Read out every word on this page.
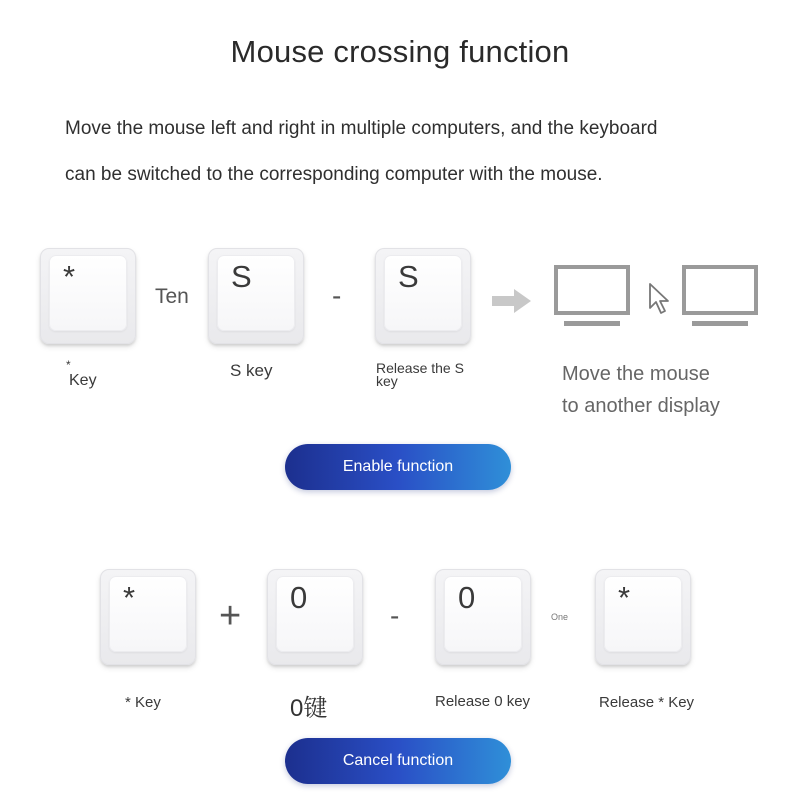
Mouse crossing function
Move the mouse left and right in multiple computers, and the keyboard
can be switched to the corresponding computer with the mouse.
*
Ten
S
-
S
*
Key
S key	Release the S
key	Move the mouse
to another display
Enable function
* + 0
-
0
One
*
* Key	0键	Release 0 key	Release * Key
Cancel function
